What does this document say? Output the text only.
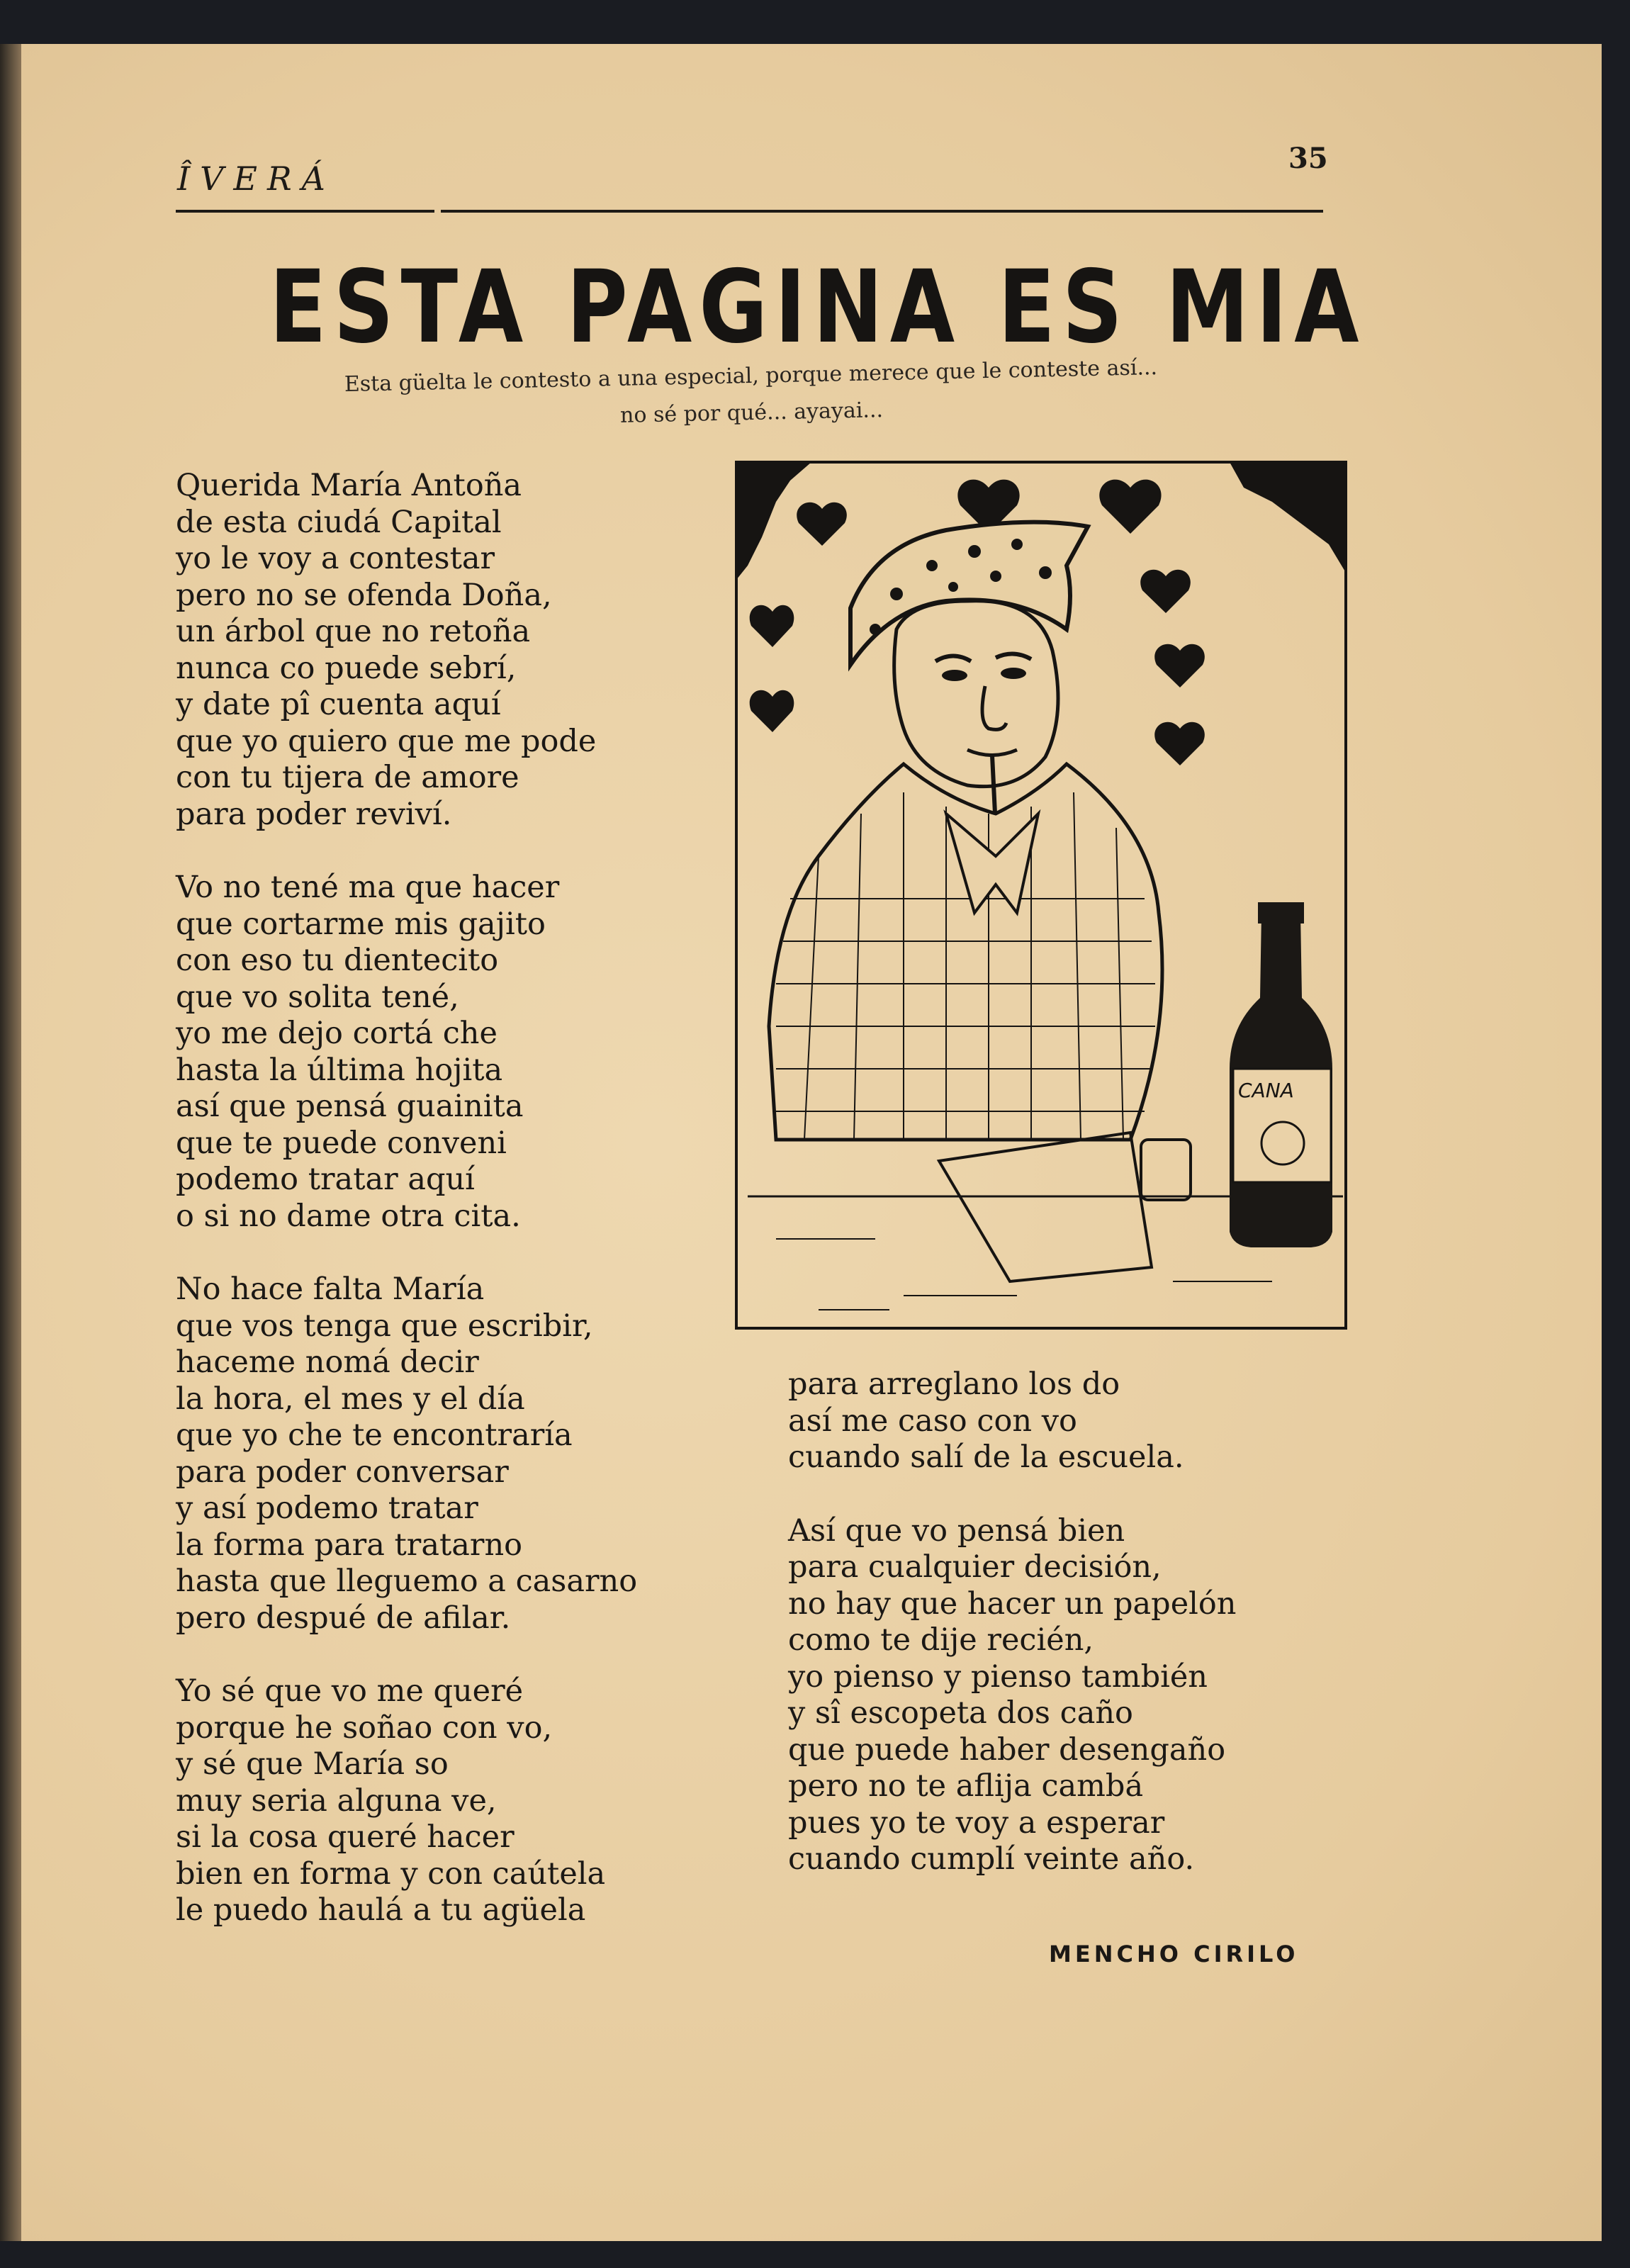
ÎVERÁ
35
ESTA PAGINA ES MIA
Esta güelta le contesto a una especial, porque merece que le conteste así...
no sé por qué... ayayai...

Querida María Antoña
de esta ciudá Capital
yo le voy a contestar
pero no se ofenda Doña,
un árbol que no retoña
nunca co puede sebrí,
y date pî cuenta aquí
que yo quiero que me pode
con tu tijera de amore
para poder reviví.

Vo no tené ma que hacer
que cortarme mis gajito
con eso tu dientecito
que vo solita tené,
yo me dejo cortá che
hasta la última hojita
así que pensá guainita
que te puede conveni
podemo tratar aquí
o si no dame otra cita.

No hace falta María
que vos tenga que escribir,
haceme nomá decir
la hora, el mes y el día
que yo che te encontraría
para poder conversar
y así podemo tratar
la forma para tratarno
hasta que lleguemo a casarno
pero despué de afilar.

Yo sé que vo me queré
porque he soñao con vo,
y sé que María so
muy seria alguna ve,
si la cosa queré hacer
bien en forma y con caútela
le puedo haulá a tu agüela

para arreglano los do
así me caso con vo
cuando salí de la escuela.

Así que vo pensá bien
para cualquier decisión,
no hay que hacer un papelón
como te dije recién,
yo pienso y pienso también
y sî escopeta dos caño
que puede haber desengaño
pero no te aflija cambá
pues yo te voy a esperar
cuando cumplí veinte año.

MENCHO CIRILO
CANA
